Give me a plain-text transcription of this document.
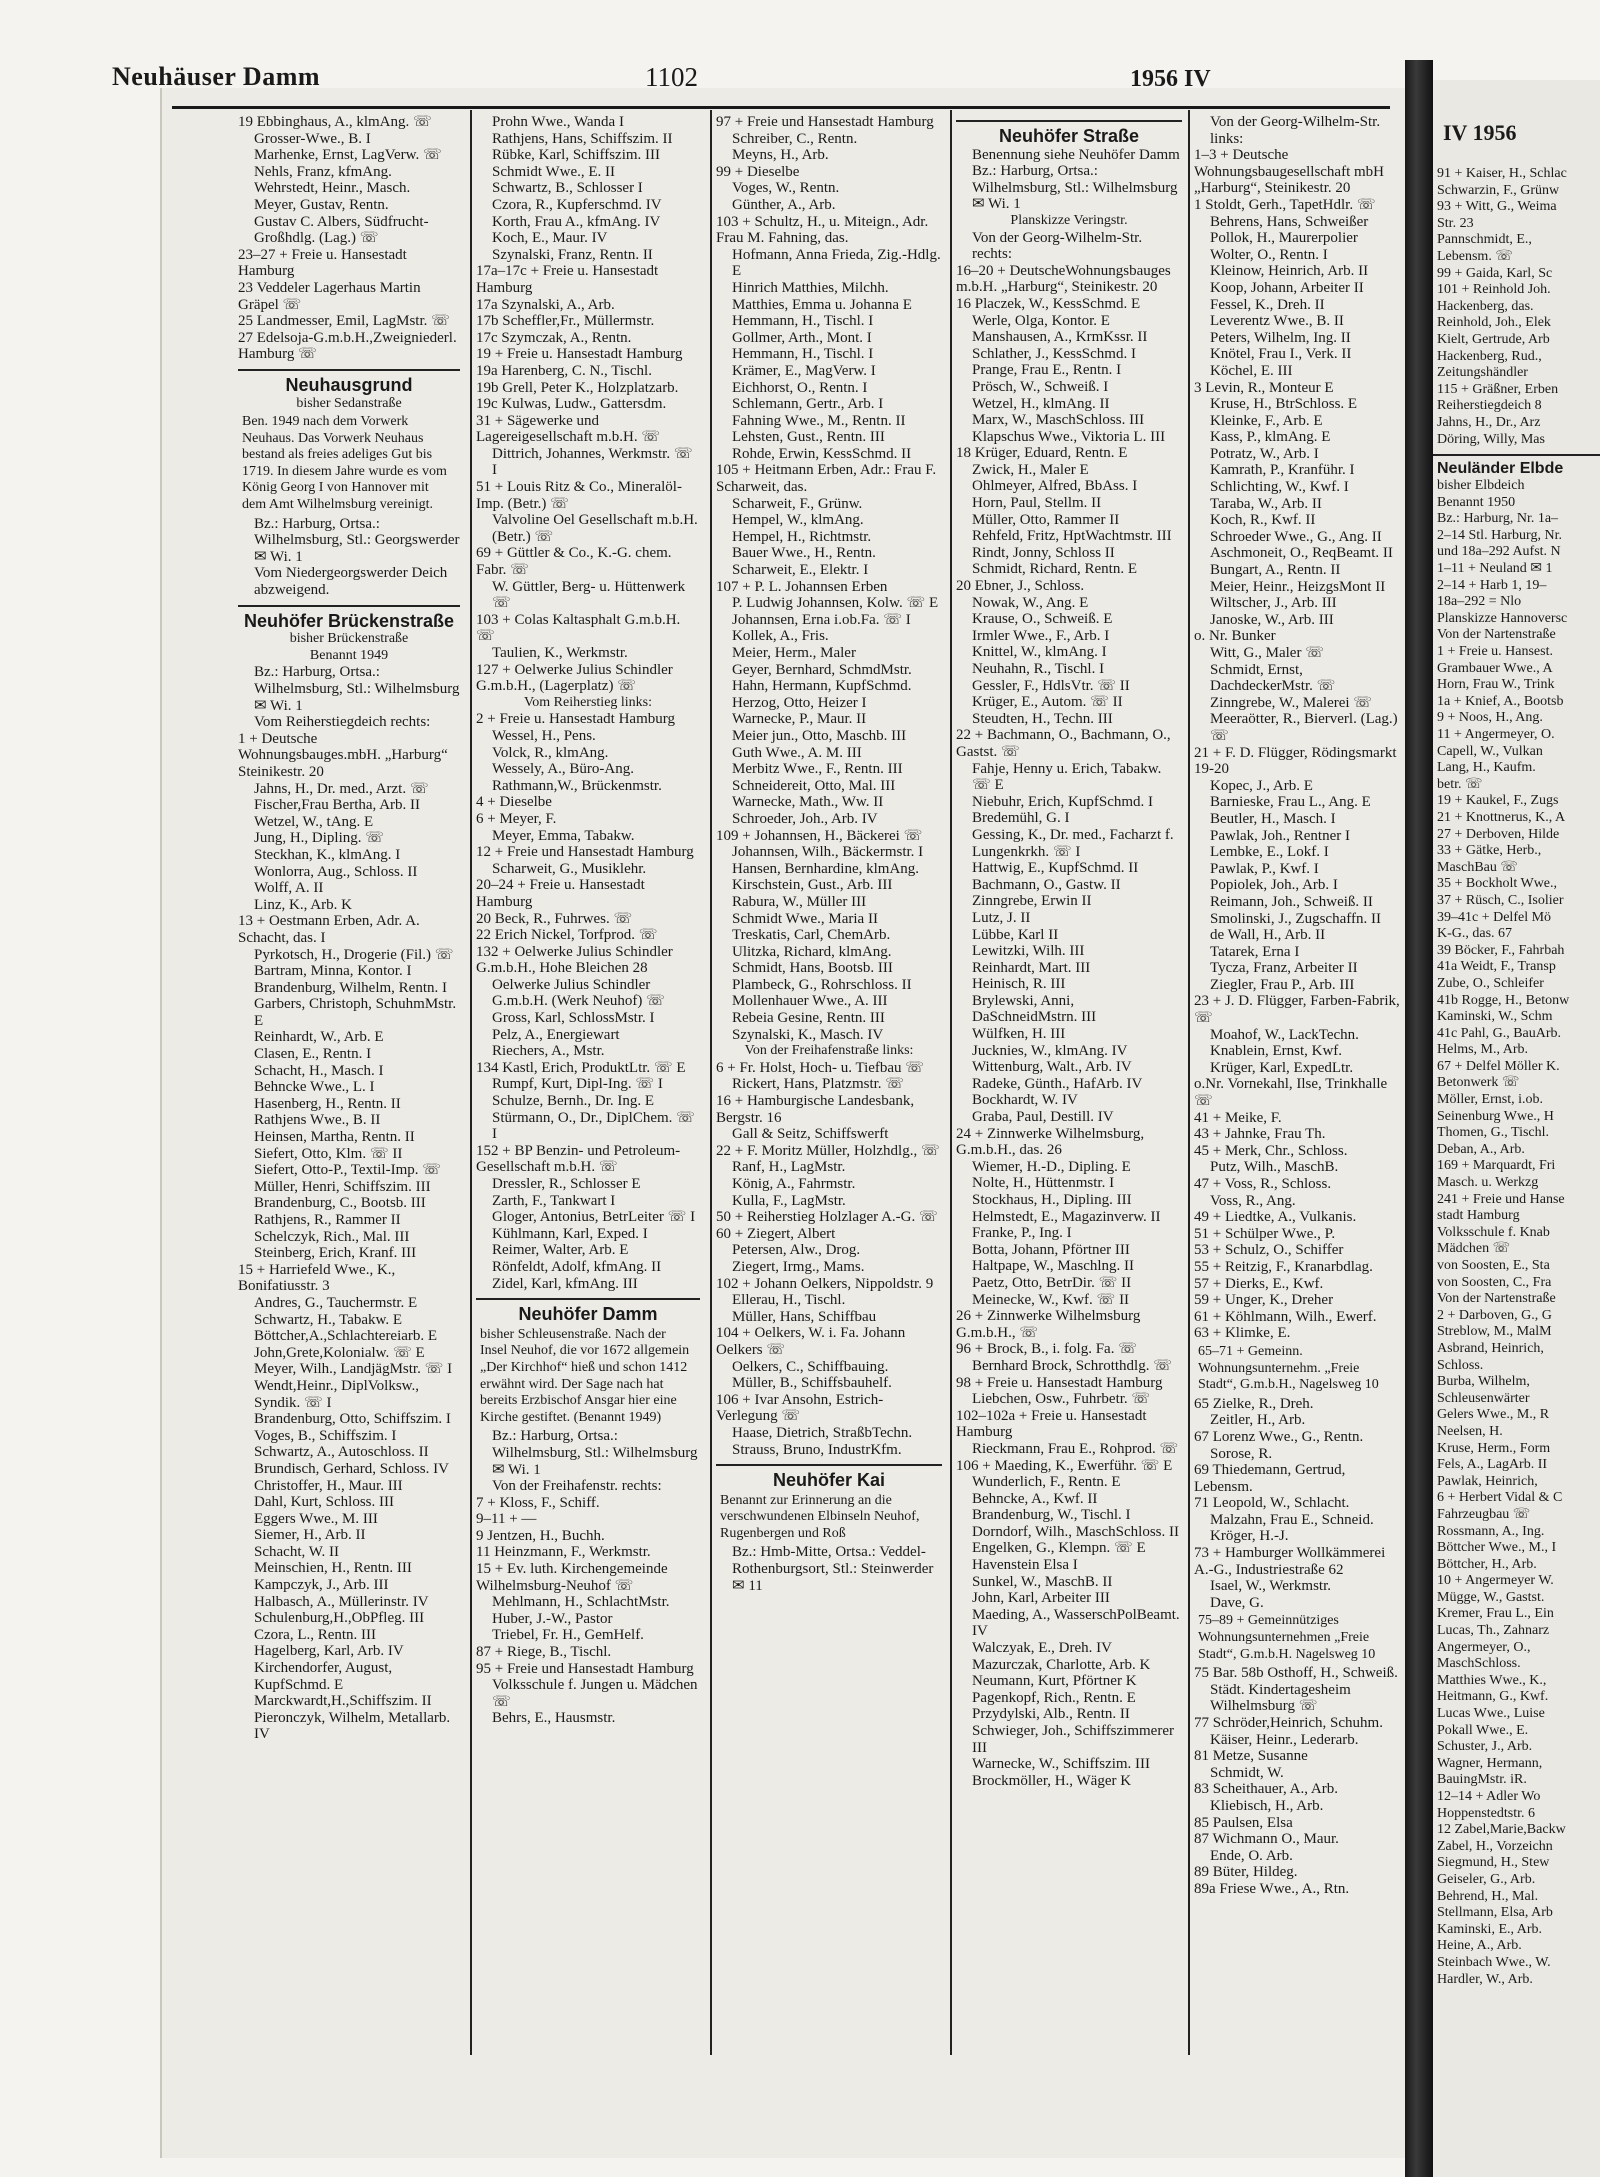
Neuhäuser Damm	1102	1956 IV
19 Ebbinghaus, A., klmAng. ☏
Grosser-Wwe., B. I
Marhenke, Ernst, LagVerw. ☏
Nehls, Franz, kfmAng.
Wehrstedt, Heinr., Masch.
Meyer, Gustav, Rentn.
Gustav C. Albers, Südfrucht-Großhdlg. (Lag.) ☏
23–27 + Freie u. Hansestadt Hamburg
23 Veddeler Lagerhaus Martin Gräpel ☏
25 Landmesser, Emil, LagMstr. ☏
27 Edelsoja-G.m.b.H.,Zweigniederl. Hamburg ☏
Neuhausgrund
bisher Sedanstraße
Ben. 1949 nach dem Vorwerk Neuhaus. Das Vorwerk Neuhaus bestand als freies adeliges Gut bis 1719. In diesem Jahre wurde es vom König Georg I von Hannover mit dem Amt Wilhelmsburg vereinigt.
Bz.: Harburg, Ortsa.: Wilhelmsburg, Stl.: Georgswerder ✉ Wi. 1
Vom Niedergeorgswerder Deich abzweigend.
Neuhöfer Brückenstraße
bisher Brückenstraße
Benannt 1949
Bz.: Harburg, Ortsa.: Wilhelmsburg, Stl.: Wilhelmsburg ✉ Wi. 1
Vom Reiherstiegdeich rechts:
1 + Deutsche Wohnungsbauges.mbH. „Harburg“ Steinikestr. 20
Jahns, H., Dr. med., Arzt. ☏
Fischer,Frau Bertha, Arb. II
Wetzel, W., tAng. E
Jung, H., Dipling. ☏
Steckhan, K., klmAng. I
Wonlorra, Aug., Schloss. II
Wolff, A. II
Linz, K., Arb. K
13 + Oestmann Erben, Adr. A. Schacht, das. I
Pyrkotsch, H., Drogerie (Fil.) ☏
Bartram, Minna, Kontor. I
Brandenburg, Wilhelm, Rentn. I
Garbers, Christoph, SchuhmMstr. E
Reinhardt, W., Arb. E
Clasen, E., Rentn. I
Schacht, H., Masch. I
Behncke Wwe., L. I
Hasenberg, H., Rentn. II
Rathjens Wwe., B. II
Heinsen, Martha, Rentn. II
Siefert, Otto, Klm. ☏ II
Siefert, Otto-P., Textil-Imp. ☏
Müller, Henri, Schiffszim. III
Brandenburg, C., Bootsb. III
Rathjens, R., Rammer II
Schelczyk, Rich., Mal. III
Steinberg, Erich, Kranf. III
15 + Harriefeld Wwe., K., Bonifatiusstr. 3
Andres, G., Tauchermstr. E
Schwartz, H., Tabakw. E
Böttcher,A.,Schlachtereiarb. E
John,Grete,Kolonialw. ☏ E
Meyer, Wilh., LandjägMstr. ☏ I
Wendt,Heinr., DiplVolksw., Syndik. ☏ I
Brandenburg, Otto, Schiffszim. I
Voges, B., Schiffszim. I
Schwartz, A., Autoschloss. II
Brundisch, Gerhard, Schloss. IV
Christoffer, H., Maur. III
Dahl, Kurt, Schloss. III
Eggers Wwe., M. III
Siemer, H., Arb. II
Schacht, W. II
Meinschien, H., Rentn. III
Kampczyk, J., Arb. III
Halbasch, A., Müllerinstr. IV
Schulenburg,H.,ObPfleg. III
Czora, L., Rentn. III
Hagelberg, Karl, Arb. IV
Kirchendorfer, August, KupfSchmd. E
Marckwardt,H.,Schiffszim. II
Pieronczyk, Wilhelm, Metallarb. IV
Prohn Wwe., Wanda I
Rathjens, Hans, Schiffszim. II
Rübke, Karl, Schiffszim. III
Schmidt Wwe., E. II
Schwartz, B., Schlosser I
Czora, R., Kupferschmd. IV
Korth, Frau A., kfmAng. IV
Koch, E., Maur. IV
Szynalski, Franz, Rentn. II
17a–17c + Freie u. Hansestadt Hamburg
17a Szynalski, A., Arb.
17b Scheffler,Fr., Müllermstr.
17c Szymczak, A., Rentn.
19 + Freie u. Hansestadt Hamburg
19a Harenberg, C. N., Tischl.
19b Grell, Peter K., Holzplatzarb.
19c Kulwas, Ludw., Gattersdm.
31 + Sägewerke und Lagereigesellschaft m.b.H. ☏
Dittrich, Johannes, Werkmstr. ☏ I
51 + Louis Ritz & Co., Mineralöl-Imp. (Betr.) ☏
Valvoline Oel Gesellschaft m.b.H. (Betr.) ☏
69 + Güttler & Co., K.-G. chem. Fabr. ☏
W. Güttler, Berg- u. Hüttenwerk ☏
103 + Colas Kaltasphalt G.m.b.H. ☏
Taulien, K., Werkmstr.
127 + Oelwerke Julius Schindler G.m.b.H., (Lagerplatz) ☏
Vom Reiherstieg links:
2 + Freie u. Hansestadt Hamburg
Wessel, H., Pens.
Volck, R., klmAng.
Wessely, A., Büro-Ang.
Rathmann,W., Brückenmstr.
4 + Dieselbe
6 + Meyer, F.
Meyer, Emma, Tabakw.
12 + Freie und Hansestadt Hamburg
Scharweit, G., Musiklehr.
20–24 + Freie u. Hansestadt Hamburg
20 Beck, R., Fuhrwes. ☏
22 Erich Nickel, Torfprod. ☏
132 + Oelwerke Julius Schindler G.m.b.H., Hohe Bleichen 28
Oelwerke Julius Schindler G.m.b.H. (Werk Neuhof) ☏
Gross, Karl, SchlossMstr. I
Pelz, A., Energiewart
Riechers, A., Mstr.
134 Kastl, Erich, ProduktLtr. ☏ E
Rumpf, Kurt, Dipl-Ing. ☏ I
Schulze, Bernh., Dr. Ing. E
Stürmann, O., Dr., DiplChem. ☏ I
152 + BP Benzin- und Petroleum-Gesellschaft m.b.H. ☏
Dressler, R., Schlosser E
Zarth, F., Tankwart I
Gloger, Antonius, BetrLeiter ☏ I
Kühlmann, Karl, Exped. I
Reimer, Walter, Arb. E
Rönfeldt, Adolf, kfmAng. II
Zidel, Karl, kfmAng. III
Neuhöfer Damm
bisher Schleusenstraße. Nach der Insel Neuhof, die vor 1672 allgemein „Der Kirchhof“ hieß und schon 1412 erwähnt wird. Der Sage nach hat bereits Erzbischof Ansgar hier eine Kirche gestiftet. (Benannt 1949)
Bz.: Harburg, Ortsa.: Wilhelmsburg, Stl.: Wilhelmsburg ✉ Wi. 1
Von der Freihafenstr. rechts:
7 + Kloss, F., Schiff.
9–11 + —
9 Jentzen, H., Buchh.
11 Heinzmann, F., Werkmstr.
15 + Ev. luth. Kirchengemeinde Wilhelmsburg-Neuhof ☏
Mehlmann, H., SchlachtMstr.
Huber, J.-W., Pastor
Triebel, Fr. H., GemHelf.
87 + Riege, B., Tischl.
95 + Freie und Hansestadt Hamburg
Volksschule f. Jungen u. Mädchen ☏
Behrs, E., Hausmstr.
97 + Freie und Hansestadt Hamburg
Schreiber, C., Rentn.
Meyns, H., Arb.
99 + Dieselbe
Voges, W., Rentn.
Günther, A., Arb.
103 + Schultz, H., u. Miteign., Adr. Frau M. Fahning, das.
Hofmann, Anna Frieda, Zig.-Hdlg. E
Hinrich Matthies, Milchh.
Matthies, Emma u. Johanna E
Hemmann, H., Tischl. I
Gollmer, Arth., Mont. I
Hemmann, H., Tischl. I
Krämer, E., MagVerw. I
Eichhorst, O., Rentn. I
Schlemann, Gertr., Arb. I
Fahning Wwe., M., Rentn. II
Lehsten, Gust., Rentn. III
Rohde, Erwin, KessSchmd. II
105 + Heitmann Erben, Adr.: Frau F. Scharweit, das.
Scharweit, F., Grünw.
Hempel, W., klmAng.
Hempel, H., Richtmstr.
Bauer Wwe., H., Rentn.
Scharweit, E., Elektr. I
107 + P. L. Johannsen Erben
P. Ludwig Johannsen, Kolw. ☏ E
Johannsen, Erna i.ob.Fa. ☏ I
Kollek, A., Fris.
Meier, Herm., Maler
Geyer, Bernhard, SchmdMstr.
Hahn, Hermann, KupfSchmd.
Herzog, Otto, Heizer I
Warnecke, P., Maur. II
Meier jun., Otto, Maschb. III
Guth Wwe., A. M. III
Merbitz Wwe., F., Rentn. III
Schneidereit, Otto, Mal. III
Warnecke, Math., Ww. II
Schroeder, Joh., Arb. IV
109 + Johannsen, H., Bäckerei ☏
Johannsen, Wilh., Bäckermstr. I
Hansen, Bernhardine, klmAng.
Kirschstein, Gust., Arb. III
Rabura, W., Müller III
Schmidt Wwe., Maria II
Treskatis, Carl, ChemArb.
Ulitzka, Richard, klmAng.
Schmidt, Hans, Bootsb. III
Plambeck, G., Rohrschloss. II
Mollenhauer Wwe., A. III
Rebeia Gesine, Rentn. III
Szynalski, K., Masch. IV
Von der Freihafenstraße links:
6 + Fr. Holst, Hoch- u. Tiefbau ☏
Rickert, Hans, Platzmstr. ☏
16 + Hamburgische Landesbank, Bergstr. 16
Gall & Seitz, Schiffswerft
22 + F. Moritz Müller, Holzhdlg., ☏
Ranf, H., LagMstr.
König, A., Fahrmstr.
Kulla, F., LagMstr.
50 + Reiherstieg Holzlager A.-G. ☏
60 + Ziegert, Albert
Petersen, Alw., Drog.
Ziegert, Irmg., Mams.
102 + Johann Oelkers, Nippoldstr. 9
Ellerau, H., Tischl.
Müller, Hans, Schiffbau
104 + Oelkers, W. i. Fa. Johann Oelkers ☏
Oelkers, C., Schiffbauing.
Müller, B., Schiffsbauhelf.
106 + Ivar Ansohn, Estrich-Verlegung ☏
Haase, Dietrich, StraßbTechn.
Strauss, Bruno, IndustrKfm.
Neuhöfer Kai
Benannt zur Erinnerung an die verschwundenen Elbinseln Neuhof, Rugenbergen und Roß
Bz.: Hmb-Mitte, Ortsa.: Veddel-Rothenburgsort, Stl.: Steinwerder ✉ 11
Neuhöfer Straße
Benennung siehe Neuhöfer Damm
Bz.: Harburg, Ortsa.: Wilhelmsburg, Stl.: Wilhelmsburg ✉ Wi. 1
Planskizze Veringstr.
Von der Georg-Wilhelm-Str. rechts:
16–20 + DeutscheWohnungsbauges m.b.H. „Harburg“, Steinikestr. 20
16 Placzek, W., KessSchmd. E
Werle, Olga, Kontor. E
Manshausen, A., KrmKssr. II
Schlather, J., KessSchmd. I
Prange, Frau E., Rentn. I
Prösch, W., Schweiß. I
Wetzel, H., klmAng. II
Marx, W., MaschSchloss. III
Klapschus Wwe., Viktoria L. III
18 Krüger, Eduard, Rentn. E
Zwick, H., Maler E
Ohlmeyer, Alfred, BbAss. I
Horn, Paul, Stellm. II
Müller, Otto, Rammer II
Rehfeld, Fritz, HptWachtmstr. III
Rindt, Jonny, Schloss II
Schmidt, Richard, Rentn. E
20 Ebner, J., Schloss.
Nowak, W., Ang. E
Krause, O., Schweiß. E
Irmler Wwe., F., Arb. I
Knittel, W., klmAng. I
Neuhahn, R., Tischl. I
Gessler, F., HdlsVtr. ☏ II
Krüger, E., Autom. ☏ II
Steudten, H., Techn. III
22 + Bachmann, O., Bachmann, O., Gastst. ☏
Fahje, Henny u. Erich, Tabakw. ☏ E
Niebuhr, Erich, KupfSchmd. I
Bredemühl, G. I
Gessing, K., Dr. med., Facharzt f. Lungenkrkh. ☏ I
Hattwig, E., KupfSchmd. II
Bachmann, O., Gastw. II
Zinngrebe, Erwin II
Lutz, J. II
Lübbe, Karl II
Lewitzki, Wilh. III
Reinhardt, Mart. III
Heinisch, R. III
Brylewski, Anni, DaSchneidMstrn. III
Wülfken, H. III
Jucknies, W., klmAng. IV
Wittenburg, Walt., Arb. IV
Radeke, Günth., HafArb. IV
Bockhardt, W. IV
Graba, Paul, Destill. IV
24 + Zinnwerke Wilhelmsburg, G.m.b.H., das. 26
Wiemer, H.-D., Dipling. E
Nolte, H., Hüttenmstr. I
Stockhaus, H., Dipling. III
Helmstedt, E., Magazinverw. II
Franke, P., Ing. I
Botta, Johann, Pförtner III
Haltpape, W., Maschlng. II
Paetz, Otto, BetrDir. ☏ II
Meinecke, W., Kwf. ☏ II
26 + Zinnwerke Wilhelmsburg G.m.b.H., ☏
96 + Brock, B., i. folg. Fa. ☏
Bernhard Brock, Schrotthdlg. ☏
98 + Freie u. Hansestadt Hamburg
Liebchen, Osw., Fuhrbetr. ☏
102–102a + Freie u. Hansestadt Hamburg
Rieckmann, Frau E., Rohprod. ☏
106 + Maeding, K., Ewerführ. ☏ E
Wunderlich, F., Rentn. E
Behncke, A., Kwf. II
Brandenburg, W., Tischl. I
Dorndorf, Wilh., MaschSchloss. II
Engelken, G., Klempn. ☏ E
Havenstein Elsa I
Sunkel, W., MaschB. II
John, Karl, Arbeiter III
Maeding, A., WasserschPolBeamt. IV
Walczyak, E., Dreh. IV
Mazurczak, Charlotte, Arb. K
Neumann, Kurt, Pförtner K
Pagenkopf, Rich., Rentn. E
Przydylski, Alb., Rentn. II
Schwieger, Joh., Schiffszimmerer III
Warnecke, W., Schiffszim. III
Brockmöller, H., Wäger K
Von der Georg-Wilhelm-Str. links:
1–3 + Deutsche Wohnungsbaugesellschaft mbH „Harburg“, Steinikestr. 20
1 Stoldt, Gerh., TapetHdlr. ☏
Behrens, Hans, Schweißer
Pollok, H., Maurerpolier
Wolter, O., Rentn. I
Kleinow, Heinrich, Arb. II
Koop, Johann, Arbeiter II
Fessel, K., Dreh. II
Leverentz Wwe., B. II
Peters, Wilhelm, Ing. II
Knötel, Frau I., Verk. II
Köchel, E. III
3 Levin, R., Monteur E
Kruse, H., BtrSchloss. E
Kleinke, F., Arb. E
Kass, P., klmAng. E
Potratz, W., Arb. I
Kamrath, P., Kranführ. I
Schlichting, W., Kwf. I
Taraba, W., Arb. II
Koch, R., Kwf. II
Schroeder Wwe., G., Ang. II
Aschmoneit, O., ReqBeamt. II
Bungart, A., Rentn. II
Meier, Heinr., HeizgsMont II
Wiltscher, J., Arb. III
Janoske, W., Arb. III
o. Nr. Bunker
Witt, G., Maler ☏
Schmidt, Ernst, DachdeckerMstr. ☏
Zinngrebe, W., Malerei ☏
Meeraötter, R., Bierverl. (Lag.) ☏
21 + F. D. Flügger, Rödingsmarkt 19-20
Kopec, J., Arb. E
Barnieske, Frau L., Ang. E
Beutler, H., Masch. I
Pawlak, Joh., Rentner I
Lembke, E., Lokf. I
Pawlak, P., Kwf. I
Popiolek, Joh., Arb. I
Reimann, Joh., Schweiß. II
Smolinski, J., Zugschaffn. II
de Wall, H., Arb. II
Tatarek, Erna I
Tycza, Franz, Arbeiter II
Ziegler, Frau P., Arb. III
23 + J. D. Flügger, Farben-Fabrik, ☏
Moahof, W., LackTechn.
Knablein, Ernst, Kwf.
Krüger, Karl, ExpedLtr.
o.Nr. Vornekahl, Ilse, Trinkhalle ☏
41 + Meike, F.
43 + Jahnke, Frau Th.
45 + Merk, Chr., Schloss.
Putz, Wilh., MaschB.
47 + Voss, R., Schloss.
Voss, R., Ang.
49 + Liedtke, A., Vulkanis.
51 + Schülper Wwe., P.
53 + Schulz, O., Schiffer
55 + Reitzig, F., Kranarbdlag.
57 + Dierks, E., Kwf.
59 + Unger, K., Dreher
61 + Köhlmann, Wilh., Ewerf.
63 + Klimke, E.
65–71 + Gemeinn. Wohnungsunternehm. „Freie Stadt“, G.m.b.H., Nagelsweg 10
65 Zielke, R., Dreh.
Zeitler, H., Arb.
67 Lorenz Wwe., G., Rentn.
Sorose, R.
69 Thiedemann, Gertrud, Lebensm.
71 Leopold, W., Schlacht.
Malzahn, Frau E., Schneid.
Kröger, H.-J.
73 + Hamburger Wollkämmerei A.-G., Industriestraße 62
Isael, W., Werkmstr.
Dave, G.
75–89 + Gemeinnütziges Wohnungsunternehmen „Freie Stadt“, G.m.b.H. Nagelsweg 10
75 Bar. 58b Osthoff, H., Schweiß.
Städt. Kindertagesheim Wilhelmsburg ☏
77 Schröder,Heinrich, Schuhm.
Käiser, Heinr., Lederarb.
81 Metze, Susanne
Schmidt, W.
83 Scheithauer, A., Arb.
Kliebisch, H., Arb.
85 Paulsen, Elsa
87 Wichmann O., Maur.
Ende, O. Arb.
89 Büter, Hildeg.
89a Friese Wwe., A., Rtn.
IV 1956
91 + Kaiser, H., Schlac
Schwarzin, F., Grünw
93 + Witt, G., Weima
Str. 23
Pannschmidt, E.,
Lebensm. ☏
99 + Gaida, Karl, Sc
101 + Reinhold Joh.
Hackenberg, das.
Reinhold, Joh., Elek
Kielt, Gertrude, Arb
Hackenberg, Rud.,
Zeitungshändler
115 + Gräßner, Erben
Reiherstiegdeich 8
Jahns, H., Dr., Arz
Döring, Willy, Mas
Neuländer Elbde
bisher Elbdeich
Benannt 1950
Bz.: Harburg, Nr. 1a–
2–14 Stl. Harburg, Nr.
und 18a–292 Aufst. N
1–11 + Neuland ✉ 1
2–14 + Harb 1, 19–
18a–292 = Nlo
Planskizze Hannoversc
Von der Nartenstraße
1 + Freie u. Hansest.
Grambauer Wwe., A
Horn, Frau W., Trink
1a + Knief, A., Bootsb
9 + Noos, H., Ang.
11 + Angermeyer, O.
Capell, W., Vulkan
Lang, H., Kaufm.
betr. ☏
19 + Kaukel, F., Zugs
21 + Knottnerus, K., A
27 + Derboven, Hilde
33 + Gätke, Herb.,
MaschBau ☏
35 + Bockholt Wwe.,
37 + Rüsch, C., Isolier
39–41c + Delfel Mö
K-G., das. 67
39 Böcker, F., Fahrbah
41a Weidt, F., Transp
Zube, O., Schleifer
41b Rogge, H., Betonw
Kaminski, W., Schm
41c Pahl, G., BauArb.
Helms, M., Arb.
67 + Delfel Möller K.
Betonwerk ☏
Möller, Ernst, i.ob.
Seinenburg Wwe., H
Thomen, G., Tischl.
Deban, A., Arb.
169 + Marquardt, Fri
Masch. u. Werkzg
241 + Freie und Hanse
stadt Hamburg
Volksschule f. Knab
Mädchen ☏
von Soosten, E., Sta
von Soosten, C., Fra
Von der Nartenstraße
2 + Darboven, G., G
Streblow, M., MalM
Asbrand, Heinrich,
Schloss.
Burba, Wilhelm,
Schleusenwärter
Gelers Wwe., M., R
Neelsen, H.
Kruse, Herm., Form
Fels, A., LagArb. II
Pawlak, Heinrich,
6 + Herbert Vidal & C
Fahrzeugbau ☏
Rossmann, A., Ing.
Böttcher Wwe., M., I
Böttcher, H., Arb.
10 + Angermeyer W.
Mügge, W., Gastst.
Kremer, Frau L., Ein
Lucas, Th., Zahnarz
Angermeyer, O.,
MaschSchloss.
Matthies Wwe., K.,
Heitmann, G., Kwf.
Lucas Wwe., Luise
Pokall Wwe., E.
Schuster, J., Arb.
Wagner, Hermann,
BauingMstr. iR.
12–14 + Adler Wo
Hoppenstedtstr. 6
12 Zabel,Marie,Backw
Zabel, H., Vorzeichn
Siegmund, H., Stew
Geiseler, G., Arb.
Behrend, H., Mal.
Stellmann, Elsa, Arb
Kaminski, E., Arb.
Heine, A., Arb.
Steinbach Wwe., W.
Hardler, W., Arb.
